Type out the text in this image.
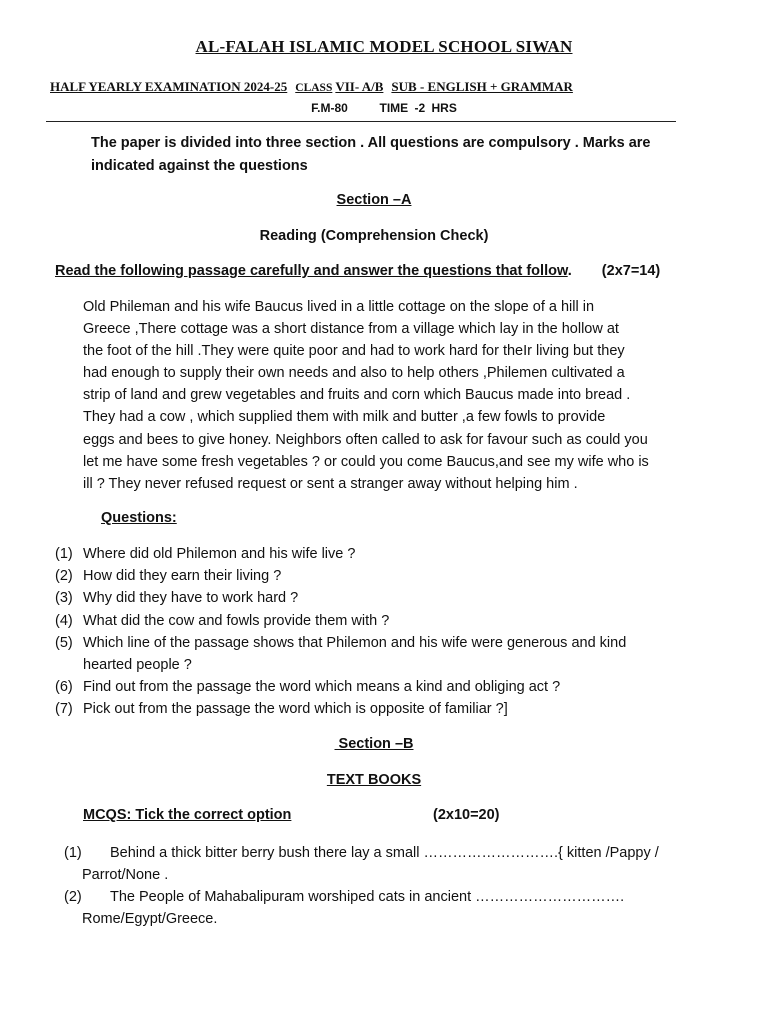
AL-FALAH ISLAMIC MODEL SCHOOL SIWAN
HALF YEARLY EXAMINATION 2024-25 CLASS VII- A/B SUB - ENGLISH + GRAMMAR
F.M-80	TIME -2 HRS
The paper is divided into three section . All questions are compulsory . Marks are indicated against the questions
Section –A
Reading (Comprehension Check)
Read the following passage carefully and answer the questions that follow. (2x7=14)
Old Phileman and his wife Baucus lived in a little cottage on the slope of a hill in
Greece ,There cottage was a short distance from a village which lay in the hollow at
the foot of the hill .They were quite poor and had to work hard for theIr living but they
had enough to supply their own needs and also to help others ,Philemen cultivated a
strip of land and grew vegetables and fruits and corn which Baucus made into bread .
They had a cow , which supplied them with milk and butter ,a few fowls to provide
eggs and bees to give honey. Neighbors often called to ask for favour such as could you
let me have some fresh vegetables ? or could you come Baucus,and see my wife who is
ill ? They never refused request or sent a stranger away without helping him .
Questions:
(1) Where did old Philemon and his wife live ?
(2) How did they earn their living ?
(3) Why did they have to work hard ?
(4) What did the cow and fowls provide them with ?
(5) Which line of the passage shows that Philemon and his wife were generous and kind
hearted people ?
(6) Find out from the passage the word which means a kind and obliging act ?
(7) Pick out from the passage the word which is opposite of familiar ?]
Section –B
TEXT BOOKS
MCQS: Tick the correct option	(2x10=20)
(1)	Behind a thick bitter berry bush there lay a small ……………………….{ kitten /Pappy /
Parrot/None .
(2)	The People of Mahabalipuram worshiped cats in ancient ………………………….
Rome/Egypt/Greece.
